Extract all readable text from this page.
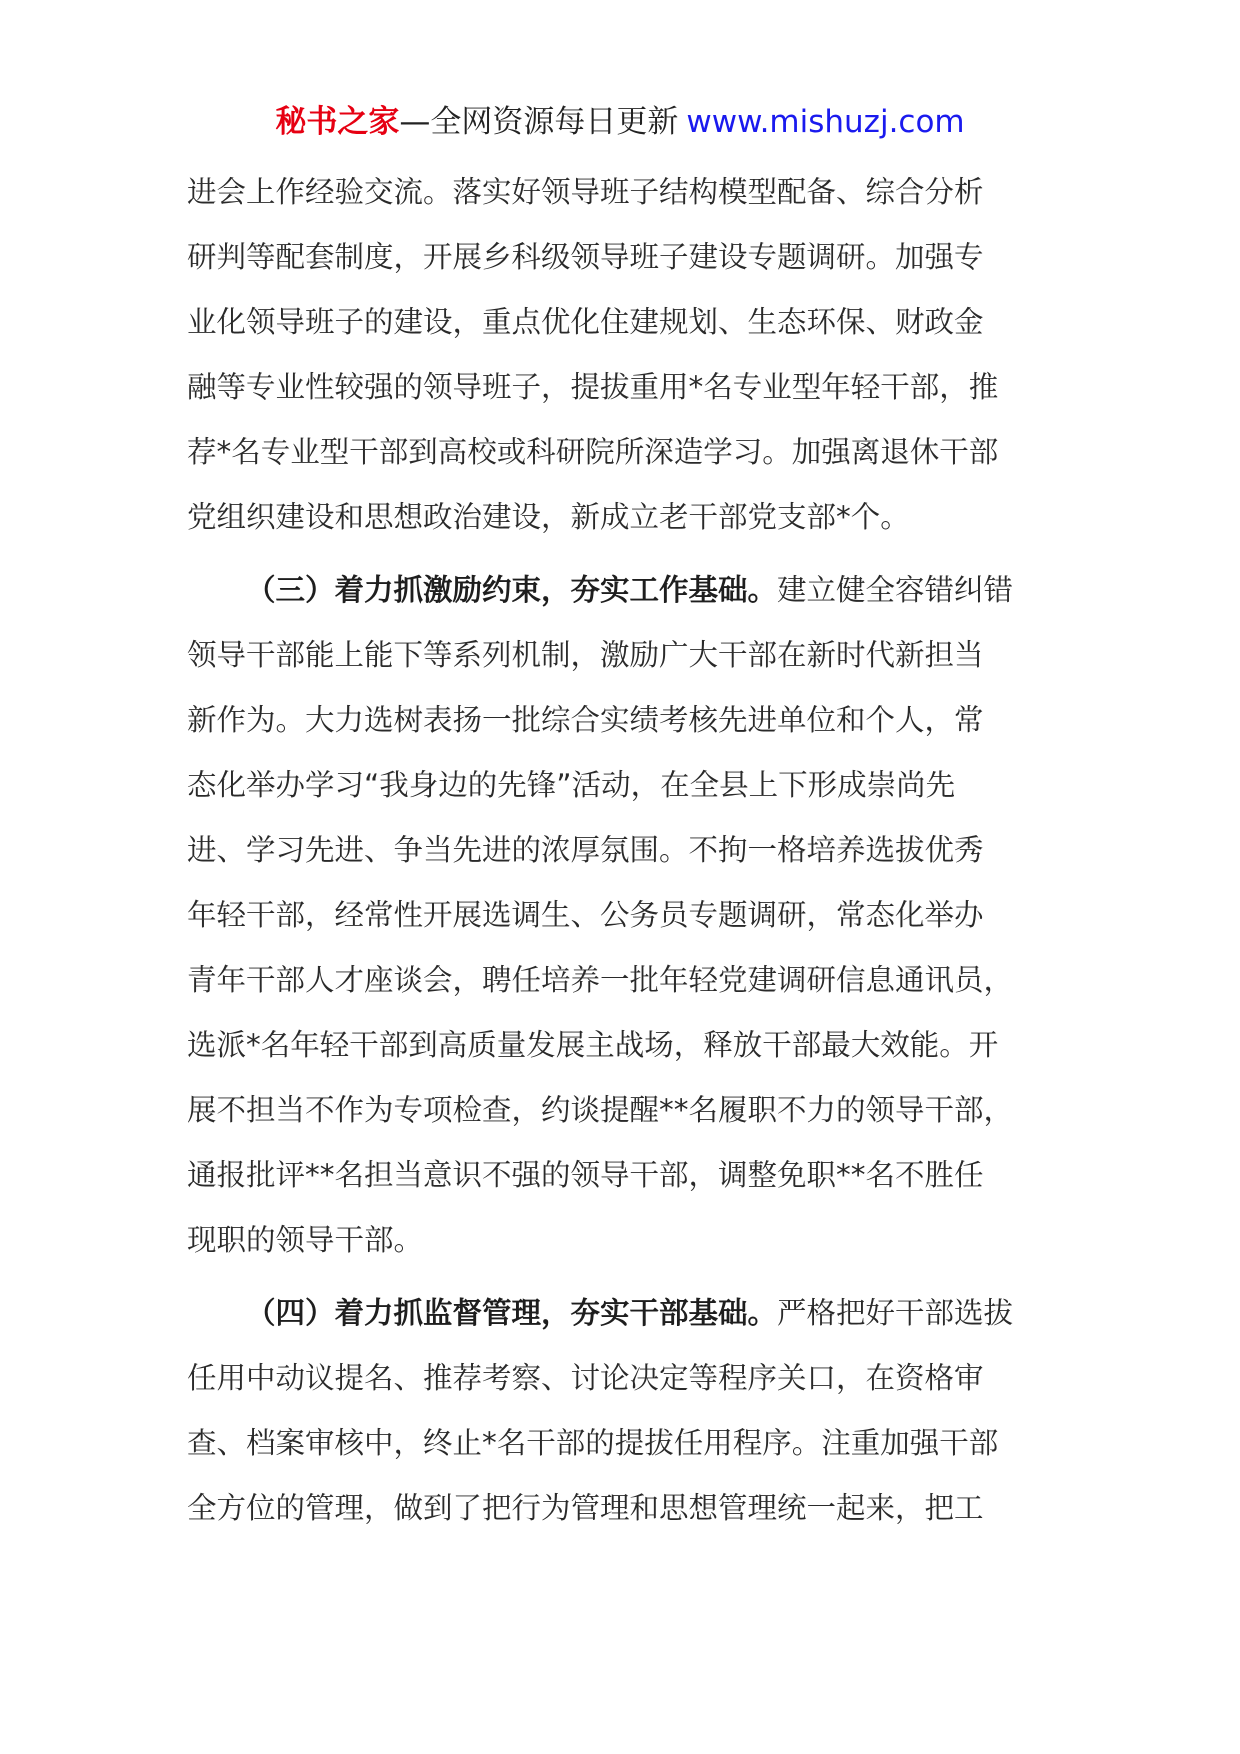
秘书之家—全网资源每日更新 www.mishuzj.com
进会上作经验交流。落实好领导班子结构模型配备、综合分析
研判等配套制度，开展乡科级领导班子建设专题调研。加强专
业化领导班子的建设，重点优化住建规划、生态环保、财政金
融等专业性较强的领导班子，提拔重用*名专业型年轻干部，推
荐*名专业型干部到高校或科研院所深造学习。加强离退休干部
党组织建设和思想政治建设，新成立老干部党支部*个。
（三）着力抓激励约束，夯实工作基础。建立健全容错纠错
领导干部能上能下等系列机制，激励广大干部在新时代新担当
新作为。大力选树表扬一批综合实绩考核先进单位和个人，常
态化举办学习“我身边的先锋”活动，在全县上下形成崇尚先
进、学习先进、争当先进的浓厚氛围。不拘一格培养选拔优秀
年轻干部，经常性开展选调生、公务员专题调研，常态化举办
青年干部人才座谈会，聘任培养一批年轻党建调研信息通讯员，
选派*名年轻干部到高质量发展主战场，释放干部最大效能。开
展不担当不作为专项检查，约谈提醒**名履职不力的领导干部，
通报批评**名担当意识不强的领导干部，调整免职**名不胜任
现职的领导干部。
（四）着力抓监督管理，夯实干部基础。严格把好干部选拔
任用中动议提名、推荐考察、讨论决定等程序关口，在资格审
查、档案审核中，终止*名干部的提拔任用程序。注重加强干部
全方位的管理，做到了把行为管理和思想管理统一起来，把工
